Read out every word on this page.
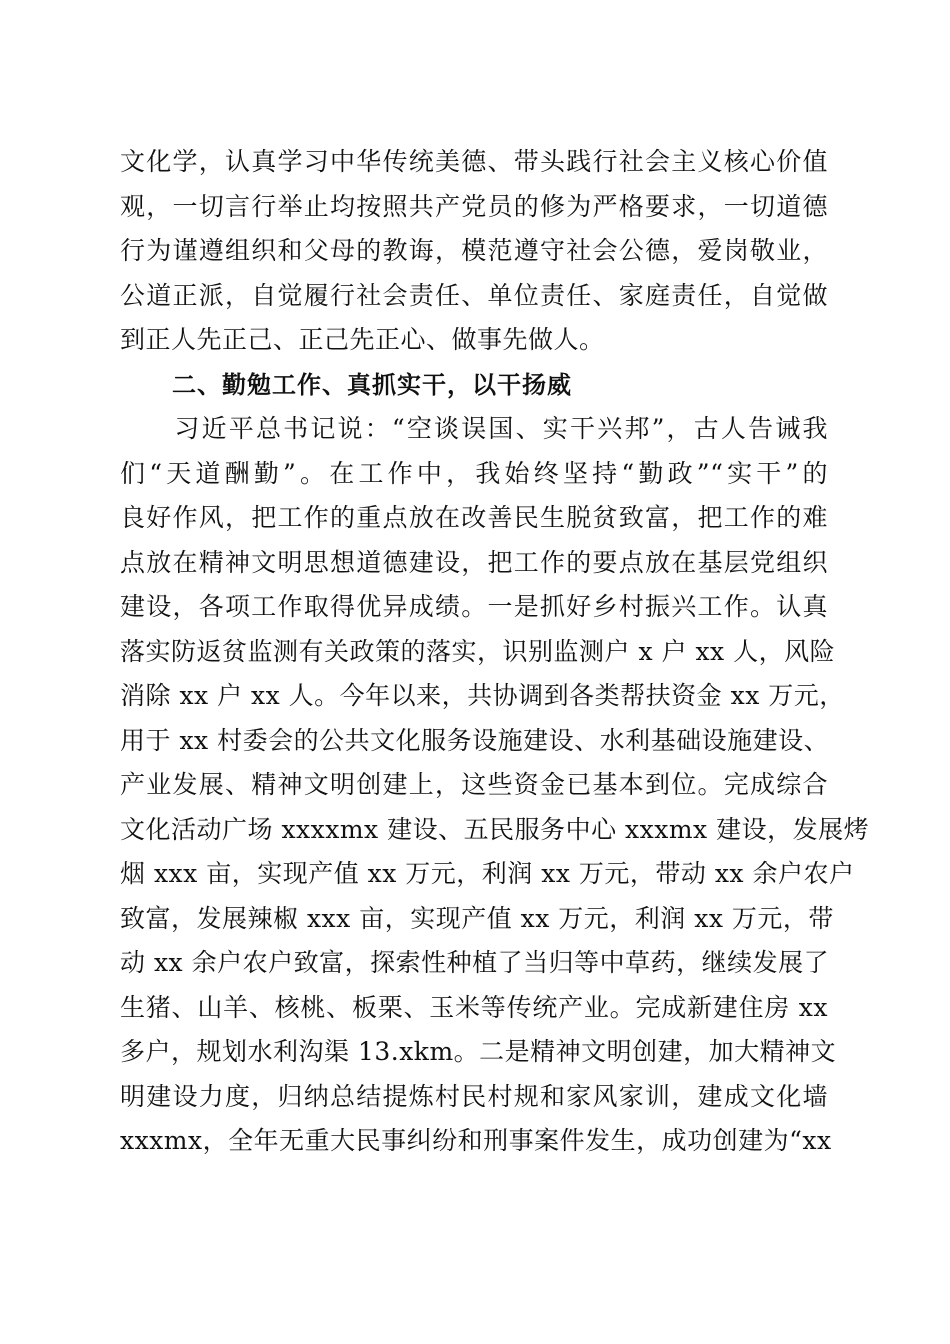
文化学，认真学习中华传统美德、带头践行社会主义核心价值
观，一切言行举止均按照共产党员的修为严格要求，一切道德
行为谨遵组织和父母的教诲，模范遵守社会公德，爱岗敬业，
公道正派，自觉履行社会责任、单位责任、家庭责任，自觉做
到正人先正己、正己先正心、做事先做人。
二、勤勉工作、真抓实干，以干扬威
　　习近平总书记说：“空谈误国、实干兴邦”，古人告诫我
们“天道酬勤”。在工作中，我始终坚持“勤政”“实干”的
良好作风，把工作的重点放在改善民生脱贫致富，把工作的难
点放在精神文明思想道德建设，把工作的要点放在基层党组织
建设，各项工作取得优异成绩。一是抓好乡村振兴工作。认真
落实防返贫监测有关政策的落实，识别监测户 x 户 xx 人，风险
消除 xx 户 xx 人。今年以来，共协调到各类帮扶资金 xx 万元，
用于 xx 村委会的公共文化服务设施建设、水利基础设施建设、
产业发展、精神文明创建上，这些资金已基本到位。完成综合
文化活动广场 xxxxmx 建设、五民服务中心 xxxmx 建设，发展烤
烟 xxx 亩，实现产值 xx 万元，利润 xx 万元，带动 xx 余户农户
致富，发展辣椒 xxx 亩，实现产值 xx 万元，利润 xx 万元，带
动 xx 余户农户致富，探索性种植了当归等中草药，继续发展了
生猪、山羊、核桃、板栗、玉米等传统产业。完成新建住房 xx
多户，规划水利沟渠 13.xkm。二是精神文明创建，加大精神文
明建设力度，归纳总结提炼村民村规和家风家训，建成文化墙
xxxmx，全年无重大民事纠纷和刑事案件发生，成功创建为“xx
